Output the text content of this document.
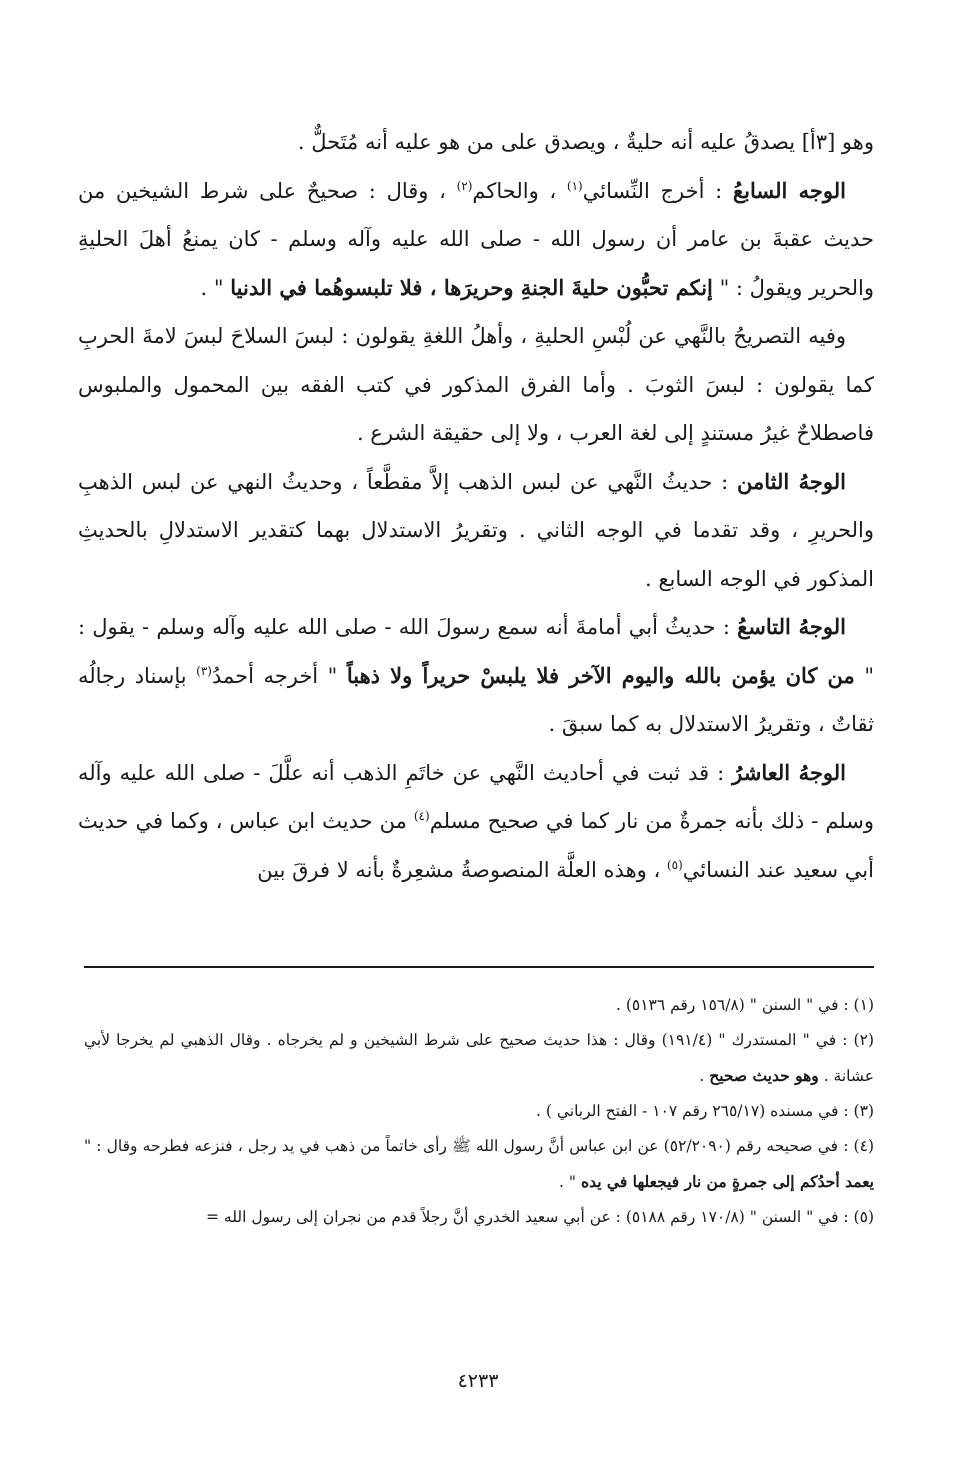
وهو [٣أ] يصدقُ عليه أنه حليةٌ ، ويصدق على من هو عليه أنه مُتَحلٌّ .

الوجه السابعُ : أخرج النِّسائي$^{(١)}$ ، والحاكم$^{(٢)}$ ، وقال : صحيحٌ على شرط الشيخين من حديث عقبةَ بن عامر أن رسول الله - صلى الله عليه وآله وسلم - كان يمنعُ أهلَ الحليةِ والحرير ويقولُ : " إنكم تحبُّون حليةَ الجنةِ وحريرَها ، فلا تلبسوهُما في الدنيا " .

وفيه التصريحُ بالنَّهي عن لُبْسِ الحليةِ ، وأهلُ اللغةِ يقولون : لبسَ السلاحَ لبسَ لامةَ الحربِ كما يقولون : لبسَ الثوبَ . وأما الفرق المذكور في كتب الفقه بين المحمول والملبوس فاصطلاحٌ غيرُ مستندٍ إلى لغة العرب ، ولا إلى حقيقة الشرع .

الوجهُ الثامن : حديثُ النَّهي عن لبس الذهب إلاَّ مقطَّعاً ، وحديثُ النهي عن لبس الذهبِ والحريرِ ، وقد تقدما في الوجه الثاني . وتقريرُ الاستدلال بهما كتقدير الاستدلالِ بالحديثِ المذكور في الوجه السابع .

الوجهُ التاسعُ : حديثُ أبي أمامةَ أنه سمع رسولَ الله - صلى الله عليه وآله وسلم - يقول : " من كان يؤمن بالله واليوم الآخر فلا يلبسْ حريراً ولا ذهباً " أخرجه أحمدُ$^{(٣)}$ بإسناد رجالُه ثقاتٌ ، وتقريرُ الاستدلال به كما سبقَ .

الوجهُ العاشرُ : قد ثبت في أحاديث النَّهي عن خاتَمِ الذهب أنه علَّلَ - صلى الله عليه وآله وسلم - ذلك بأنه جمرةٌ من نار كما في صحيح مسلم$^{(٤)}$ من حديث ابن عباس ، وكما في حديث أبي سعيد عند النسائي$^{(٥)}$ ، وهذه العلَّة المنصوصةُ مشعِرةٌ بأنه لا فرقَ بين

(١) : في " السنن " (١٥٦/٨ رقم ٥١٣٦) .

(٢) : في " المستدرك " (١٩١/٤) وقال : هذا حديث صحيح على شرط الشيخين و لم يخرجاه . وقال الذهبي لم يخرجا لأبي عشانة . وهو حديث صحيح .

(٣) : في مسنده (٢٦٥/١٧ رقم ١٠٧ - الفتح الرباني ) .

(٤) : في صحيحه رقم (٥٢/٢٠٩٠) عن ابن عباس أنَّ رسول الله ﷺ رأى خاتماً من ذهب في يد رجل ، فنزعه فطرحه وقال : " يعمد أحدُكم إلى جمرةٍ من نار فيجعلها في يده " .

(٥) : في " السنن " (١٧٠/٨ رقم ٥١٨٨) : عن أبي سعيد الخدري أنَّ رجلاً قدم من نجران إلى رسول الله =

٤٢٣٣
